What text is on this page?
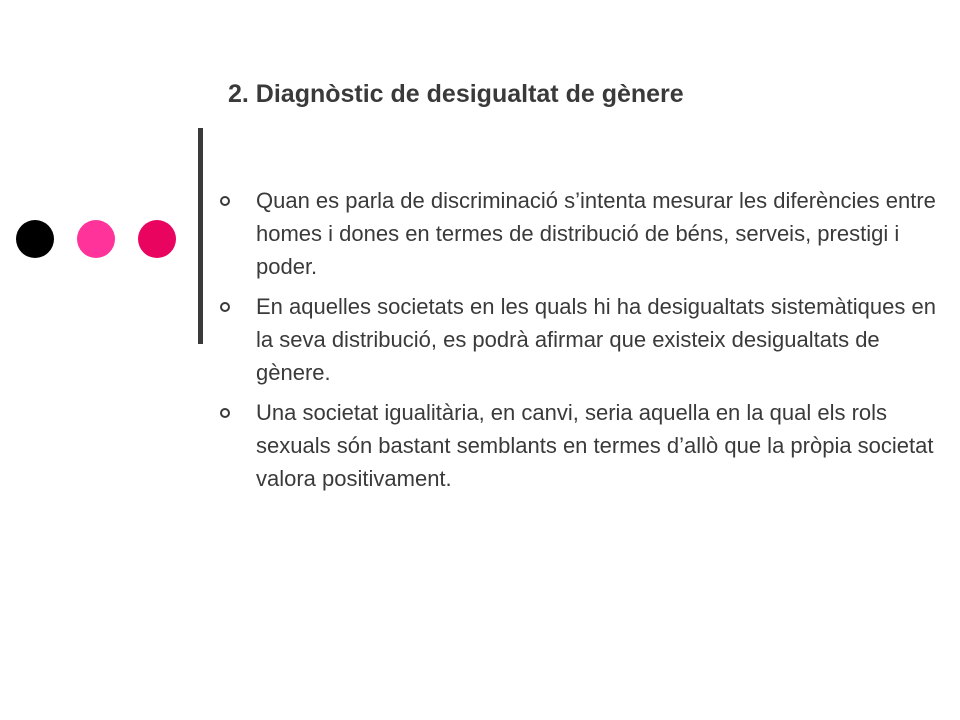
2. Diagnòstic de desigualtat de gènere
Quan es parla de discriminació s’intenta mesurar les diferències entre homes i dones en termes de distribució de béns, serveis, prestigi i poder.
En aquelles societats en les quals hi ha desigualtats sistemàtiques en la seva distribució, es podrà afirmar que existeix desigualtats de gènere.
Una societat igualitària, en canvi, seria aquella en la qual els rols sexuals són bastant semblants en termes d’allò que la pròpia societat valora positivament.
